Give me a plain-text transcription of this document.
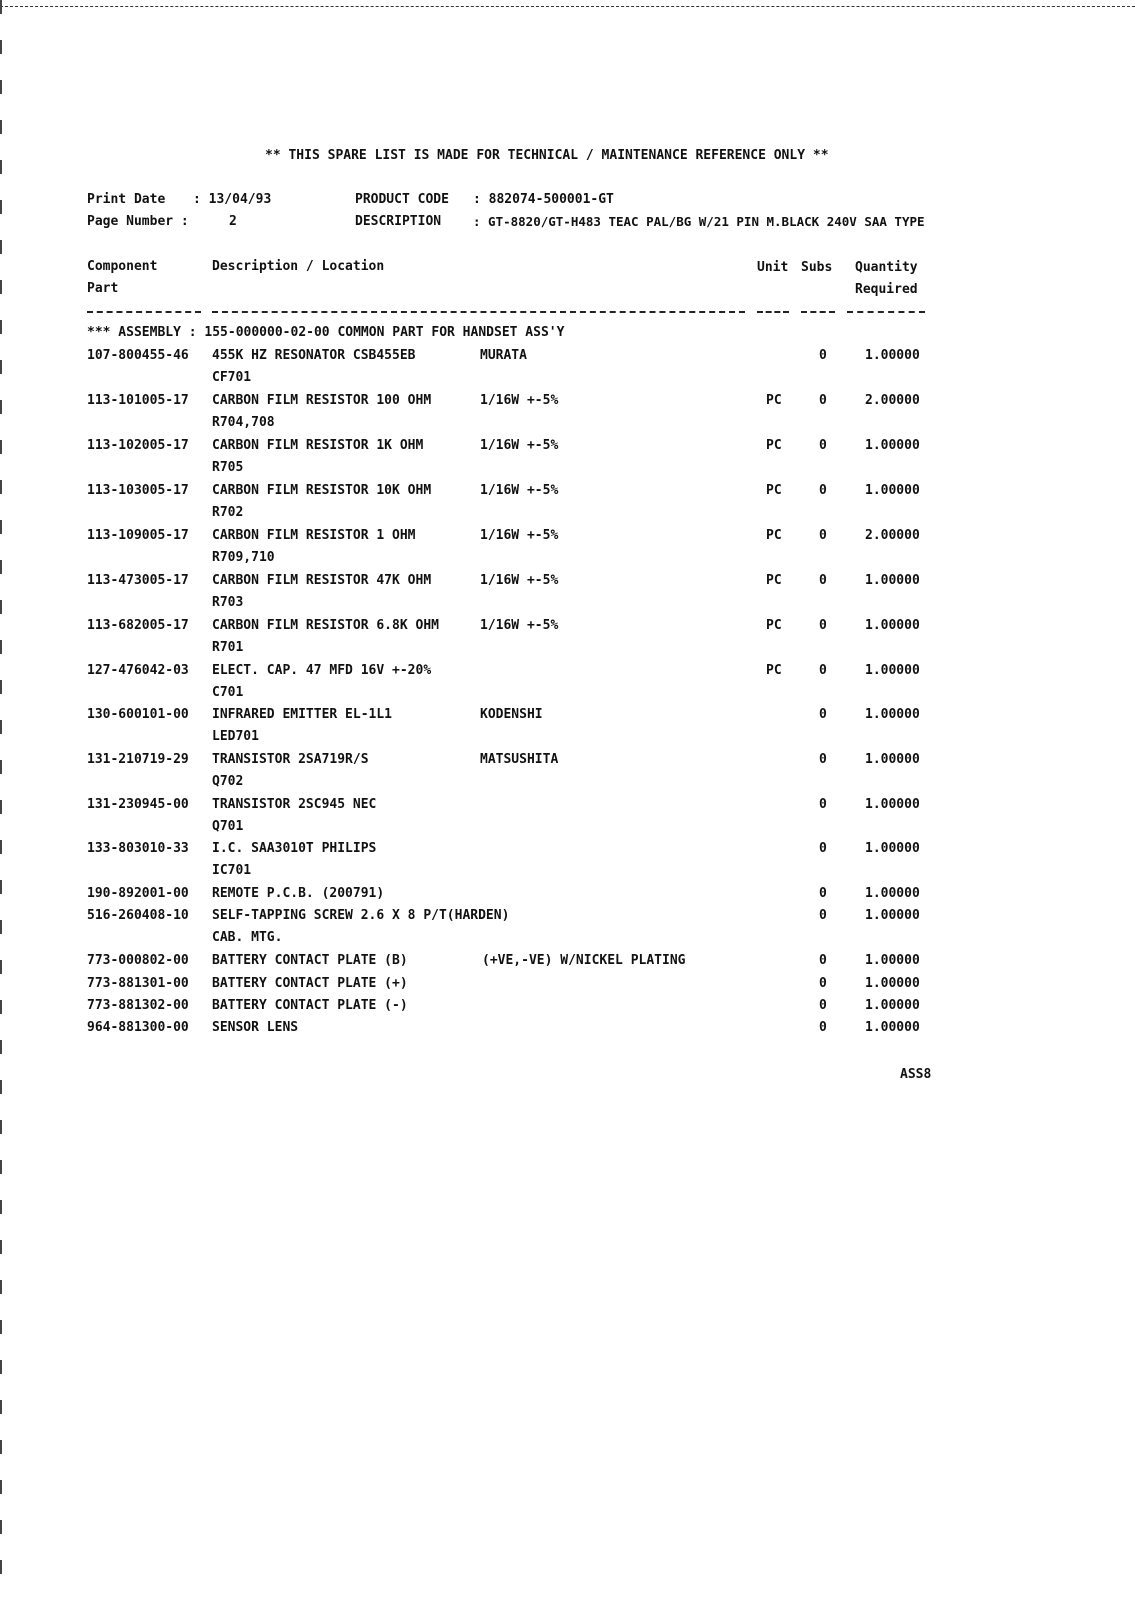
** THIS SPARE LIST IS MADE FOR TECHNICAL / MAINTENANCE REFERENCE ONLY **
Print Date : 13/04/93	PRODUCT CODE : 882074-500001-GT
Page Number :	2	DESCRIPTION	: GT-8820/GT-H483 TEAC PAL/BG W/21 PIN M.BLACK 240V SAA TYPE
Component
Part
Description / Location	Unit Subs Quantity
Required
*** ASSEMBLY : 155-000000-02-00 COMMON PART FOR HANDSET ASS'Y
107-800455-46 455K HZ RESONATOR CSB455EB	MURATA	0	1.00000
CF701
113-101005-17 CARBON FILM RESISTOR 100 OHM	1/16W +-5%	PC	0	2.00000
R704,708
113-102005-17 CARBON FILM RESISTOR 1K OHM	1/16W +-5%	PC	0	1.00000
R705
113-103005-17 CARBON FILM RESISTOR 10K OHM	1/16W +-5%	PC	0	1.00000
R702
113-109005-17 CARBON FILM RESISTOR 1 OHM	1/16W +-5%	PC	0	2.00000
R709,710
113-473005-17 CARBON FILM RESISTOR 47K OHM	1/16W +-5%	PC	0	1.00000
R703
113-682005-17 CARBON FILM RESISTOR 6.8K OHM	1/16W +-5%	PC	0	1.00000
R701
127-476042-03 ELECT. CAP. 47 MFD 16V +-20%	PC	0	1.00000
C701
130-600101-00 INFRARED EMITTER EL-1L1	KODENSHI	0	1.00000
LED701
131-210719-29 TRANSISTOR 2SA719R/S	MATSUSHITA	0	1.00000
Q702
131-230945-00 TRANSISTOR 2SC945 NEC	0	1.00000
Q701
133-803010-33 I.C. SAA3010T PHILIPS	0	1.00000
IC701
190-892001-00 REMOTE P.C.B. (200791)	0	1.00000
516-260408-10 SELF-TAPPING SCREW 2.6 X 8 P/T(HARDEN)	0	1.00000
CAB. MTG.
773-000802-00 BATTERY CONTACT PLATE (B)	(+VE,-VE) W/NICKEL PLATING	0	1.00000
773-881301-00 BATTERY CONTACT PLATE (+)	0	1.00000
773-881302-00 BATTERY CONTACT PLATE (-)	0	1.00000
964-881300-00 SENSOR LENS	0	1.00000
ASS8
